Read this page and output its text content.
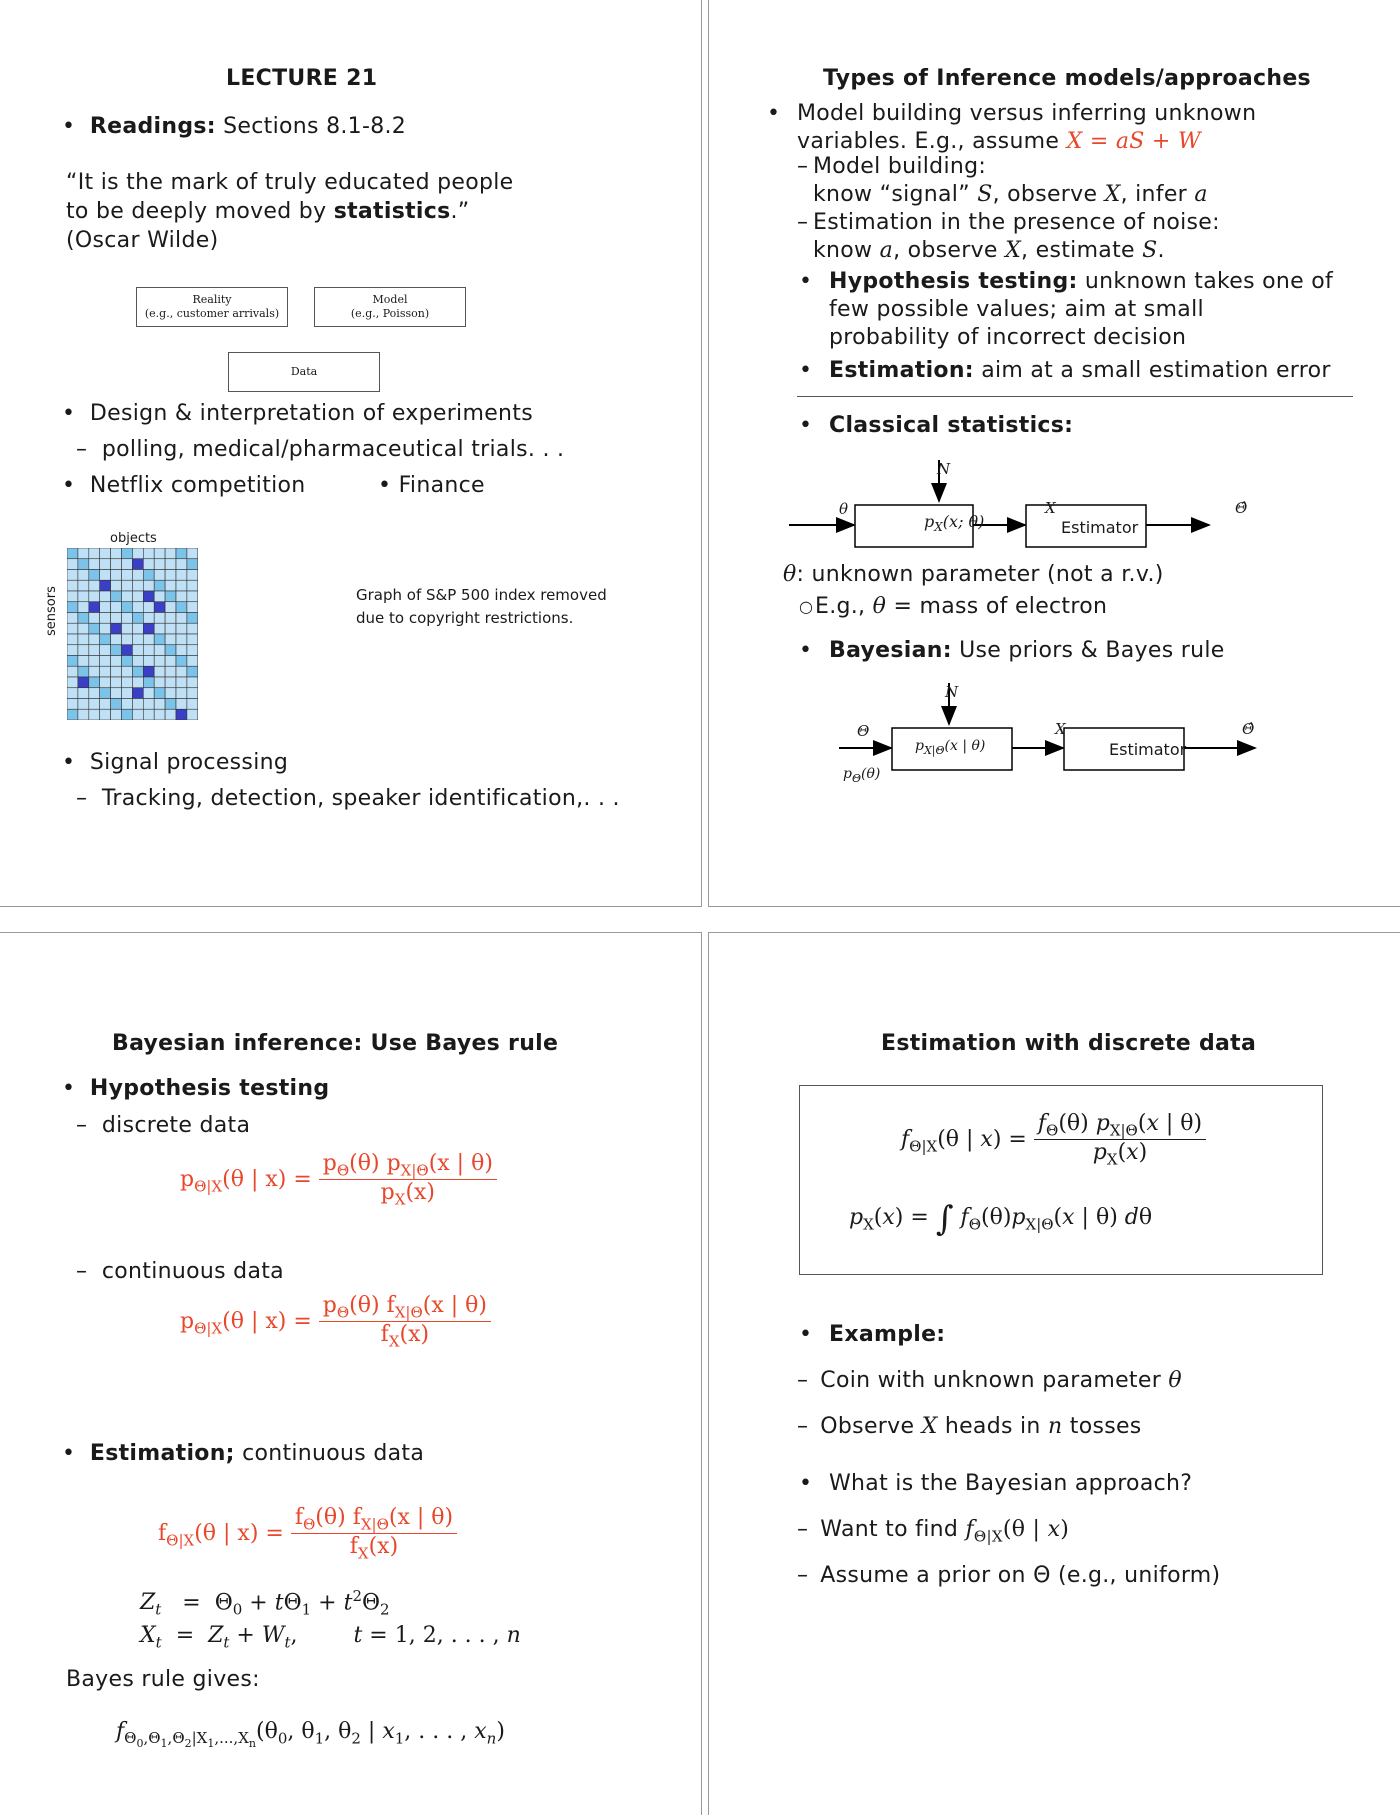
LECTURE 21
• Readings: Sections 8.1-8.2
“It is the mark of truly educated people
to be deeply moved by statistics.”
(Oscar Wilde)
Reality
(e.g., customer arrivals)
Model
(e.g., Poisson)
Data
• Design & interpretation of experiments
–  polling, medical/pharmaceutical trials. . .
• Netflix competition	• Finance
objects
sensors	Graph of S&P 500 index removed
due to copyright restrictions.
• Signal processing
–  Tracking, detection, speaker identification,. . .
Types of Inference models/approaches
• Model building versus inferring unknown
variables. E.g., assume X = aS + W
– Model building:
know “signal” S, observe X, infer a
– Estimation in the presence of noise:
know a, observe X, estimate S.
• Hypothesis testing: unknown takes one of
few possible values; aim at small
probability of incorrect decision
• Estimation: aim at a small estimation error
• Classical statistics:
N
θ
$p_X(x$; θ)
X
Estimator
Θ̂
θ: unknown parameter (not a r.v.)
○ E.g., θ = mass of electron
• Bayesian: Use priors & Bayes rule
N
Θ
$p_{X|\Theta}(x$ | θ)
X
Estimator
Θ̂
$p_\Theta(\theta)$
Bayesian inference: Use Bayes rule
• Hypothesis testing
–  discrete data
$p_{\Theta|X}(\theta$ | $x) = \frac{p_\Theta(\theta) p_{X|\Theta}(x | \theta)}{p_X(x)}$
–  continuous data
$p_{\Theta|X}(\theta$ | $x) = \frac{p_\Theta(\theta) f_{X|\Theta}(x | \theta)}{f_X(x)}$
• Estimation; continuous data
$f_{\Theta|X}(\theta$ | $x) = \frac{f_\Theta(\theta) f_{X|\Theta}(x | \theta)}{f_X(x)}$
$Z_t = \Theta_0 + t\Theta_1 + t^2\Theta_2$
$X_t = Z_t + W_t$,        t = 1, 2, . . . , n
Bayes rule gives:
$f_{\Theta_0,\Theta_1,\Theta_2|X_1,...,X_n}(\theta_0$, $\theta_1$, $\theta_2$ | $x_1$, . . . , $x_n$)
Estimation with discrete data
$f_{\Theta|X}(\theta$ | $x) = \frac{f_\Theta(\theta) p_{X|\Theta}(x | \theta)}{p_X(x)}$
$p_X(x)$ = ∫ $f_\Theta(\theta)p_{X|\Theta}(x$ | θ) dθ
• Example:
– Coin with unknown parameter θ
– Observe X heads in n tosses
• What is the Bayesian approach?
– Want to find $f_{\Theta|X}(\theta$ | x)
– Assume a prior on Θ (e.g., uniform)
